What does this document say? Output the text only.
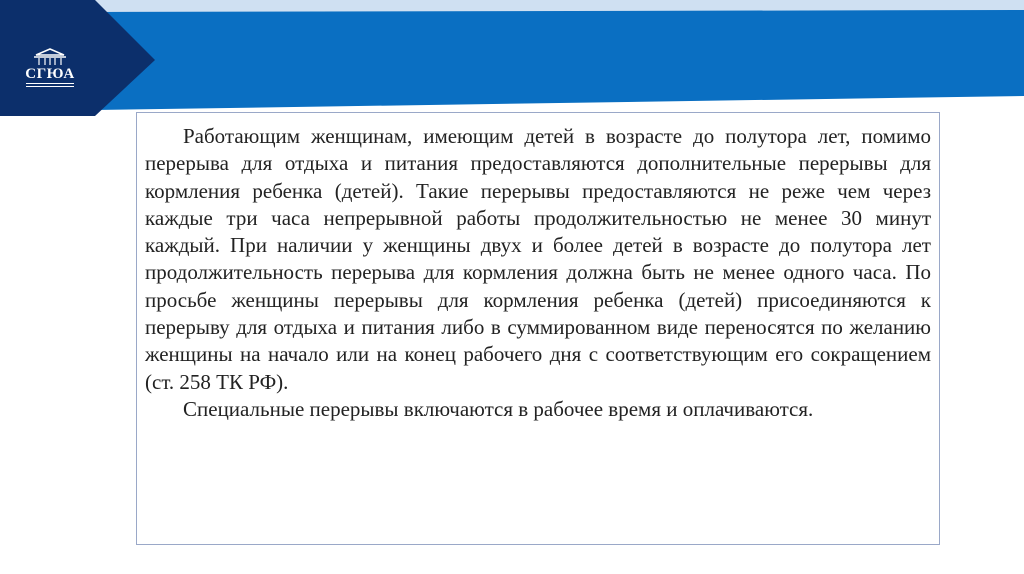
СГЮА

Работающим женщинам, имеющим детей в возрасте до полутора лет, помимо перерыва для отдыха и питания предоставляются дополнительные перерывы для кормления ребенка (детей). Такие перерывы предоставляются не реже чем через каждые три часа непрерывной работы продолжительностью не менее 30 минут каждый. При наличии у женщины двух и более детей в возрасте до полутора лет продолжительность перерыва для кормления должна быть не менее одного часа. По просьбе женщины перерывы для кормления ребенка (детей) присоединяются к перерыву для отдыха и питания либо в суммированном виде переносятся по желанию женщины на начало или на конец рабочего дня с соответствующим его сокращением (ст. 258 ТК РФ).

Специальные перерывы включаются в рабочее время и оплачиваются.
